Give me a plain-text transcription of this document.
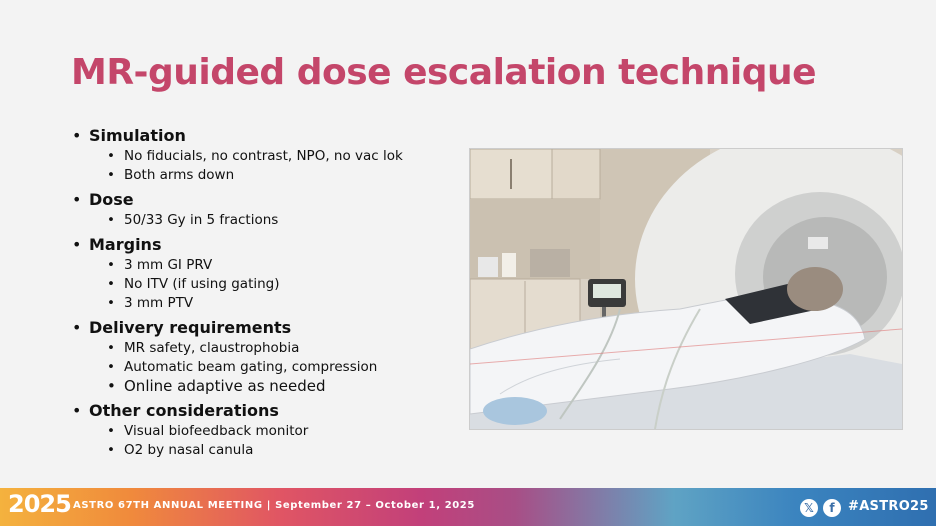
MR-guided dose escalation technique
• Simulation
• No fiducials, no contrast, NPO, no vac lok
• Both arms down
• Dose
• 50/33 Gy in 5 fractions
• Margins
• 3 mm GI PRV
• No ITV (if using gating)
• 3 mm PTV
• Delivery requirements
• MR safety, claustrophobia
• Automatic beam gating, compression
• Online adaptive as needed
• Other considerations
• Visual biofeedback monitor
• O2 by nasal canula
2025 ASTRO 67TH ANNUAL MEETING | September 27 – October 1, 2025	𝕏	f	#ASTRO25
